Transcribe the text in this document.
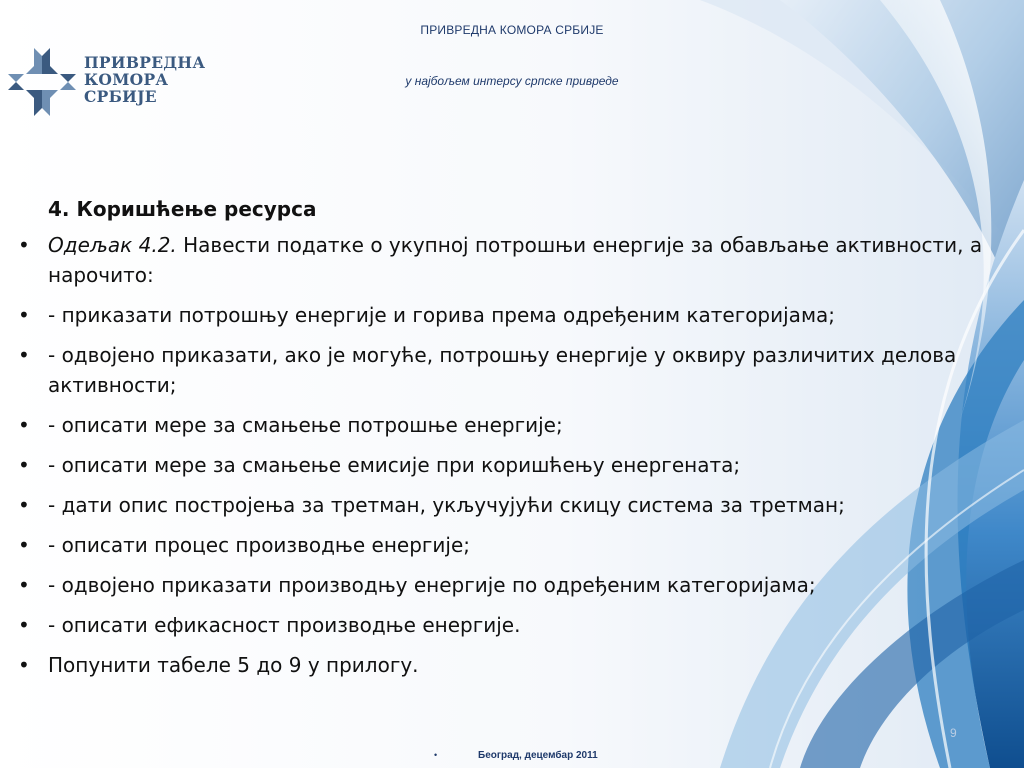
ПРИВРЕДНА
КОМОРА
СРБИЈЕ
ПРИВРЕДНА КОМОРА СРБИЈЕ
у најбољем интерсу српске привреде
4. Коришћење ресурса
• Одељак 4.2. Навести податке о укупној потрошњи енергије за обављање активности, а нарочито:
• - приказати потрошњу енергије и горива према одређеним категоријама;
• - одвојено приказати, ако је могуће, потрошњу енергије у оквиру различитих делова активности;
• - описати мере за смањење потрошње енергије;
• - описати мере за смањење емисије при коришћењу енергената;
• - дати опис постројења за третман, укључујући скицу система за третман;
• - описати процес производње енергије;
• - одвојено приказати производњу енергије по одређеним категоријама;
• - описати ефикасност производње енергије.
• Попунити табеле 5 до 9 у прилогу.
9
•	Београд, децембар 2011
